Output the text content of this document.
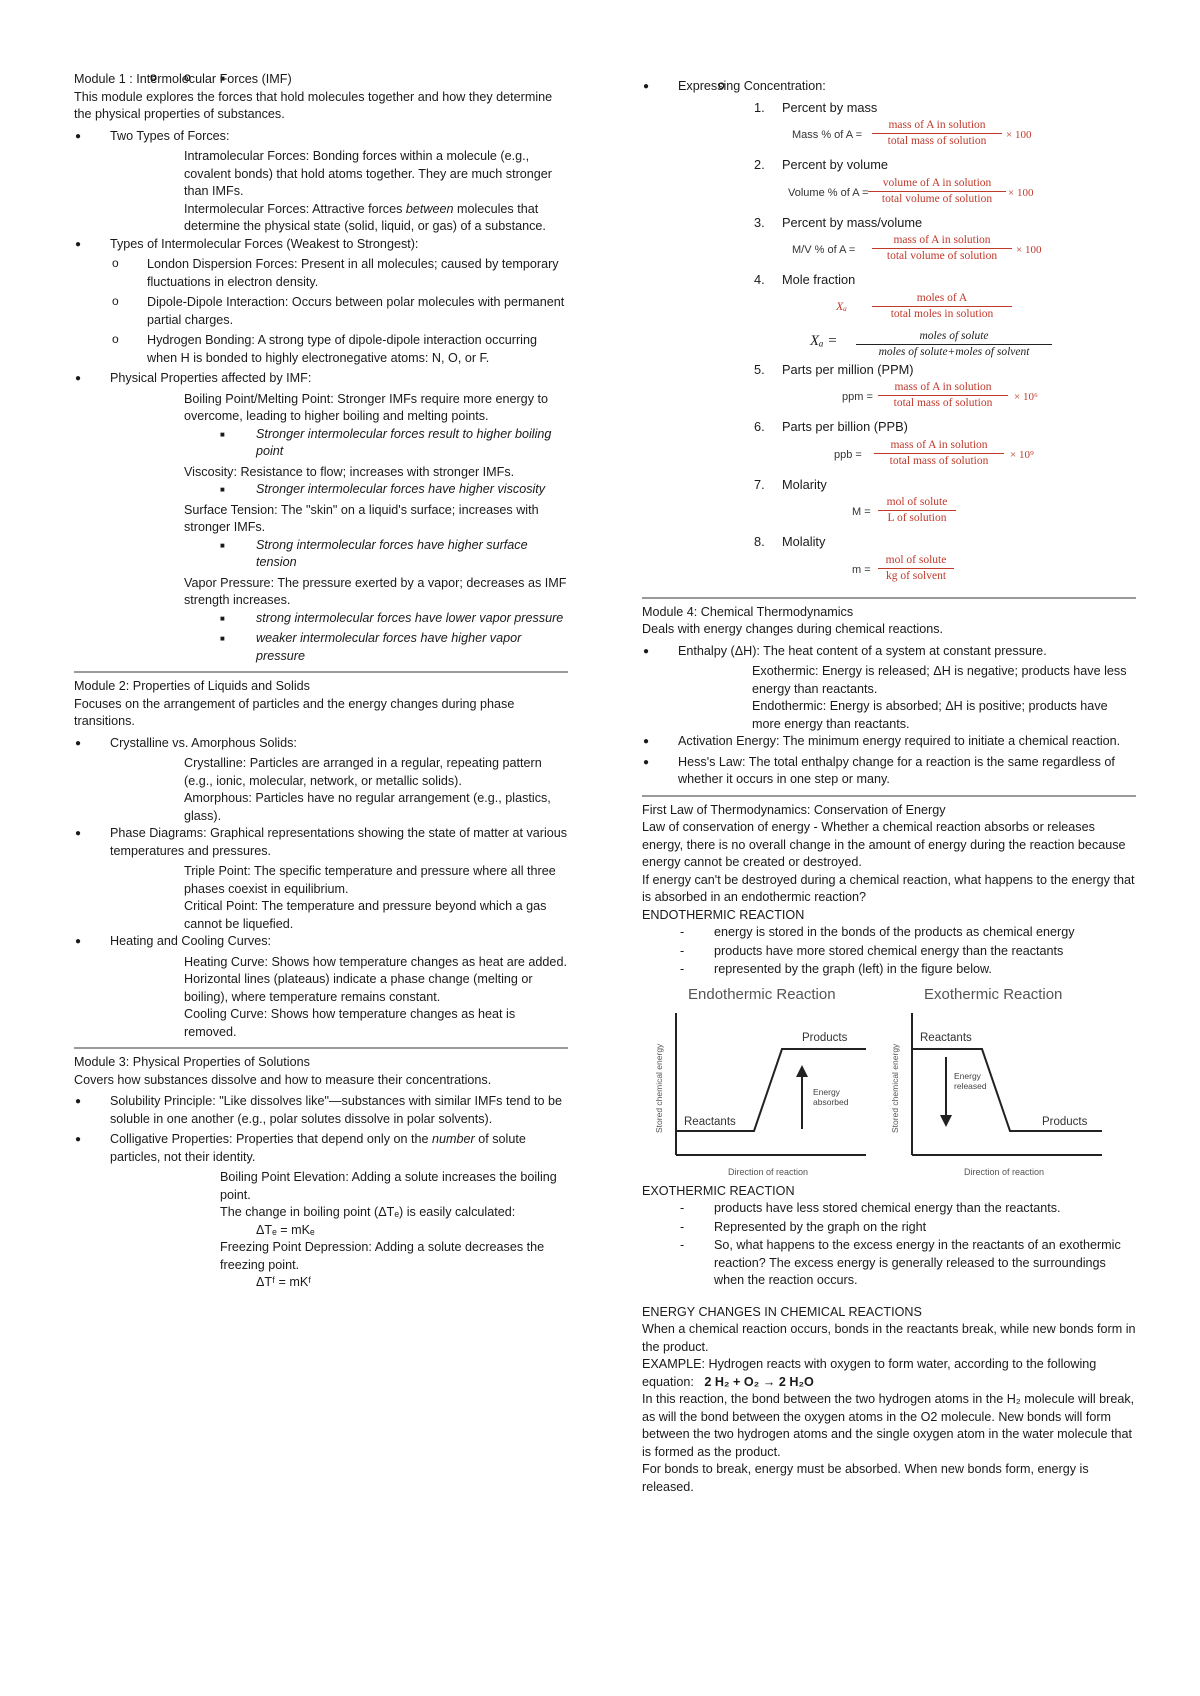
Module 1 : Intermolecular Forces (IMF)
This module explores the forces that hold molecules together and how they determine the physical properties of substances.
● Two Types of Forces:
o Intramolecular Forces: Bonding forces within a molecule (e.g., covalent bonds) that hold atoms together. They are much stronger than IMFs.
o Intermolecular Forces: Attractive forces between molecules that determine the physical state (solid, liquid, or gas) of a substance.
● Types of Intermolecular Forces (Weakest to Strongest):
o London Dispersion Forces: Present in all molecules; caused by temporary fluctuations in electron density.
o Dipole-Dipole Interaction: Occurs between polar molecules with permanent partial charges.
o Hydrogen Bonding: A strong type of dipole-dipole interaction occurring when H is bonded to highly electronegative atoms: N, O, or F.
● Physical Properties affected by IMF:
o Boiling Point/Melting Point: Stronger IMFs require more energy to overcome, leading to higher boiling and melting points.
■ Stronger intermolecular forces result to higher boiling point
o Viscosity: Resistance to flow; increases with stronger IMFs.
■ Stronger intermolecular forces have higher viscosity
o Surface Tension: The "skin" on a liquid's surface; increases with stronger IMFs.
■ Strong intermolecular forces have higher surface tension
o Vapor Pressure: The pressure exerted by a vapor; decreases as IMF strength increases.
■ strong intermolecular forces have lower vapor pressure
■ weaker intermolecular forces have higher vapor pressure
Module 2: Properties of Liquids and Solids
Focuses on the arrangement of particles and the energy changes during phase transitions.
● Crystalline vs. Amorphous Solids:
o Crystalline: Particles are arranged in a regular, repeating pattern (e.g., ionic, molecular, network, or metallic solids).
o Amorphous: Particles have no regular arrangement (e.g., plastics, glass).
● Phase Diagrams: Graphical representations showing the state of matter at various temperatures and pressures.
o Triple Point: The specific temperature and pressure where all three phases coexist in equilibrium.
o Critical Point: The temperature and pressure beyond which a gas cannot be liquefied.
● Heating and Cooling Curves:
o Heating Curve: Shows how temperature changes as heat are added. Horizontal lines (plateaus) indicate a phase change (melting or boiling), where temperature remains constant.
o Cooling Curve: Shows how temperature changes as heat is removed.
Module 3: Physical Properties of Solutions
Covers how substances dissolve and how to measure their concentrations.
● Solubility Principle: "Like dissolves like"—substances with similar IMFs tend to be soluble in one another (e.g., polar solutes dissolve in polar solvents).
● Colligative Properties: Properties that depend only on the number of solute particles, not their identity.
o Boiling Point Elevation: Adding a solute increases the boiling point.
o The change in boiling point (ΔTₑ) is easily calculated:
■ ΔTₑ = mKₑ
o Freezing Point Depression: Adding a solute decreases the freezing point.
■ ΔTᶠ = mKᶠ
● Expressing Concentration:
1. Percent by mass
Mass % of A =
mass of A in solution
total mass of solution	× 100
2. Percent by volume
Volume % of A =
volume of A in solution
total volume of solution	× 100
3. Percent by mass/volume
M/V % of A =
mass of A in solution
total volume of solution	× 100
4. Mole fraction
Xₐ
moles of A
total moles in solution
Xₐ =	moles of solute
moles of solute+moles of solvent
5. Parts per million (PPM)
ppm =
mass of A in solution
total mass of solution	× 10⁶
6. Parts per billion (PPB)
ppb =
mass of A in solution
total mass of solution	× 10⁹
7. Molarity
M =
mol of solute
L of solution
8. Molality
m =
mol of solute
kg of solvent
Module 4: Chemical Thermodynamics
Deals with energy changes during chemical reactions.
● Enthalpy (ΔH): The heat content of a system at constant pressure.
o Exothermic: Energy is released; ΔH is negative; products have less energy than reactants.
o Endothermic: Energy is absorbed; ΔH is positive; products have more energy than reactants.
● Activation Energy: The minimum energy required to initiate a chemical reaction.
● Hess's Law: The total enthalpy change for a reaction is the same regardless of whether it occurs in one step or many.
First Law of Thermodynamics: Conservation of Energy
Law of conservation of energy - Whether a chemical reaction absorbs or releases energy, there is no overall change in the amount of energy during the reaction because energy cannot be created or destroyed.
If energy can't be destroyed during a chemical reaction, what happens to the energy that is absorbed in an endothermic reaction?
ENDOTHERMIC REACTION
- energy is stored in the bonds of the products as chemical energy
- products have more stored chemical energy than the reactants
- represented by the graph (left) in the figure below.
Endothermic Reaction
Stored chemical energy
Direction of reaction
Reactants
Products
Energy
absorbed
Exothermic Reaction
Stored chemical energy
Direction of reaction
Reactants
Products
Energy
released
EXOTHERMIC REACTION
- products have less stored chemical energy than the reactants.
- Represented by the graph on the right
- So, what happens to the excess energy in the reactants of an exothermic reaction? The excess energy is generally released to the surroundings when the reaction occurs.
ENERGY CHANGES IN CHEMICAL REACTIONS
When a chemical reaction occurs, bonds in the reactants break, while new bonds form in the product.
EXAMPLE: Hydrogen reacts with oxygen to form water, according to the following equation: 2 H₂ + O₂ → 2 H₂O
In this reaction, the bond between the two hydrogen atoms in the H₂ molecule will break, as will the bond between the oxygen atoms in the O2 molecule. New bonds will form between the two hydrogen atoms and the single oxygen atom in the water molecule that is formed as the product.
For bonds to break, energy must be absorbed. When new bonds form, energy is released.
